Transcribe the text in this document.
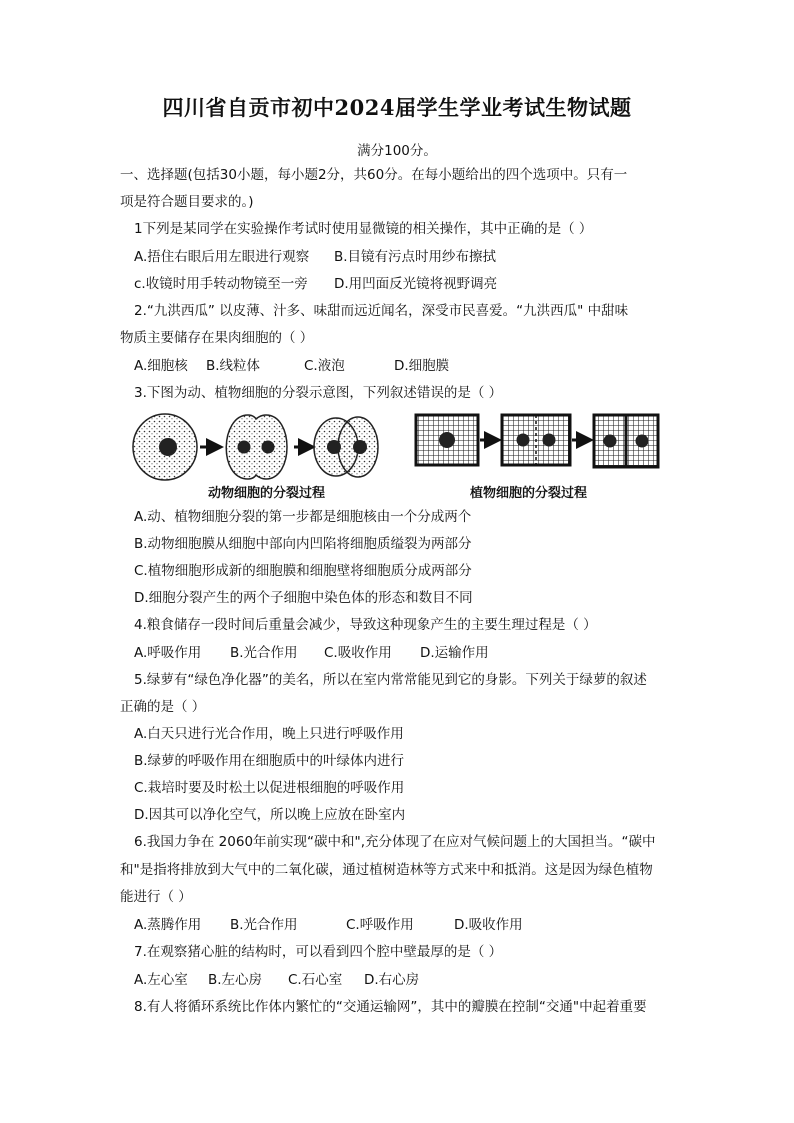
四川省自贡市初中2024届学生学业考试生物试题
满分100分。
一、选择题(包括30小题，每小题2分，共60分。在每小题给出的四个选项中。只有一
项是符合题目要求的。)
1下列是某同学在实验操作考试时使用显微镜的相关操作，其中正确的是（ ）
A.捂住右眼后用左眼进行观察 B.目镜有污点时用纱布擦拭
c.收镜时用手转动物镜至一旁 D.用凹面反光镜将视野调亮
2.“九洪西瓜” 以皮薄、汁多、味甜而远近闻名，深受市民喜爱。“九洪西瓜" 中甜味
物质主要储存在果肉细胞的（ ）
A.细胞核 B.线粒体	C.液泡	D.细胞膜
3.下图为动、植物细胞的分裂示意图，下列叙述错误的是（ ）
动物细胞的分裂过程	植物细胞的分裂过程
A.动、植物细胞分裂的第一步都是细胞核由一个分成两个
B.动物细胞膜从细胞中部向内凹陷将细胞质缢裂为两部分
C.植物细胞形成新的细胞膜和细胞壁将细胞质分成两部分
D.细胞分裂产生的两个子细胞中染色体的形态和数目不同
4.粮食储存一段时间后重量会减少，导致这种现象产生的主要生理过程是（ ）
A.呼吸作用 B.光合作用 C.吸收作用 D.运输作用
5.绿萝有“绿色净化器”的美名，所以在室内常常能见到它的身影。下列关于绿萝的叙述
正确的是（ ）
A.白天只进行光合作用，晚上只进行呼吸作用
B.绿萝的呼吸作用在细胞质中的叶绿体内进行
C.栽培时要及时松土以促进根细胞的呼吸作用
D.因其可以净化空气，所以晚上应放在卧室内
6.我国力争在 2060年前实现“碳中和",充分体现了在应对气候问题上的大国担当。“碳中
和"是指将排放到大气中的二氧化碳，通过植树造林等方式来中和抵消。这是因为绿色植物
能进行（ ）
A.蒸腾作用 B.光合作用	C.呼吸作用	D.吸收作用
7.在观察猪心脏的结构时，可以看到四个腔中壁最厚的是（ ）
A.左心室 B.左心房 C.石心室 D.右心房
8.有人将循环系统比作体内繁忙的“交通运输网”，其中的瓣膜在控制“交通"中起着重要
